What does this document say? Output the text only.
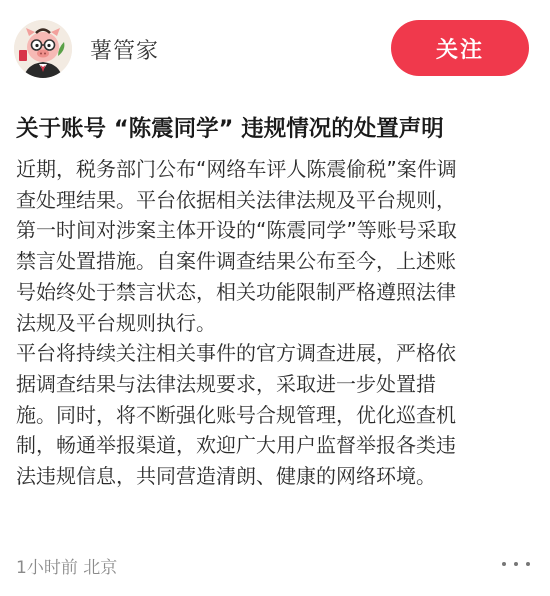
薯管家	关注
关于账号 “陈震同学” 违规情况的处置声明
近期，税务部门公布“网络车评人陈震偷税”案件调
查处理结果。平台依据相关法律法规及平台规则，
第一时间对涉案主体开设的“陈震同学”等账号采取
禁言处置措施。自案件调查结果公布至今，上述账
号始终处于禁言状态，相关功能限制严格遵照法律
法规及平台规则执行。
平台将持续关注相关事件的官方调查进展，严格依
据调查结果与法律法规要求，采取进一步处置措
施。同时，将不断强化账号合规管理，优化巡查机
制，畅通举报渠道，欢迎广大用户监督举报各类违
法违规信息，共同营造清朗、健康的网络环境。
1小时前 北京
